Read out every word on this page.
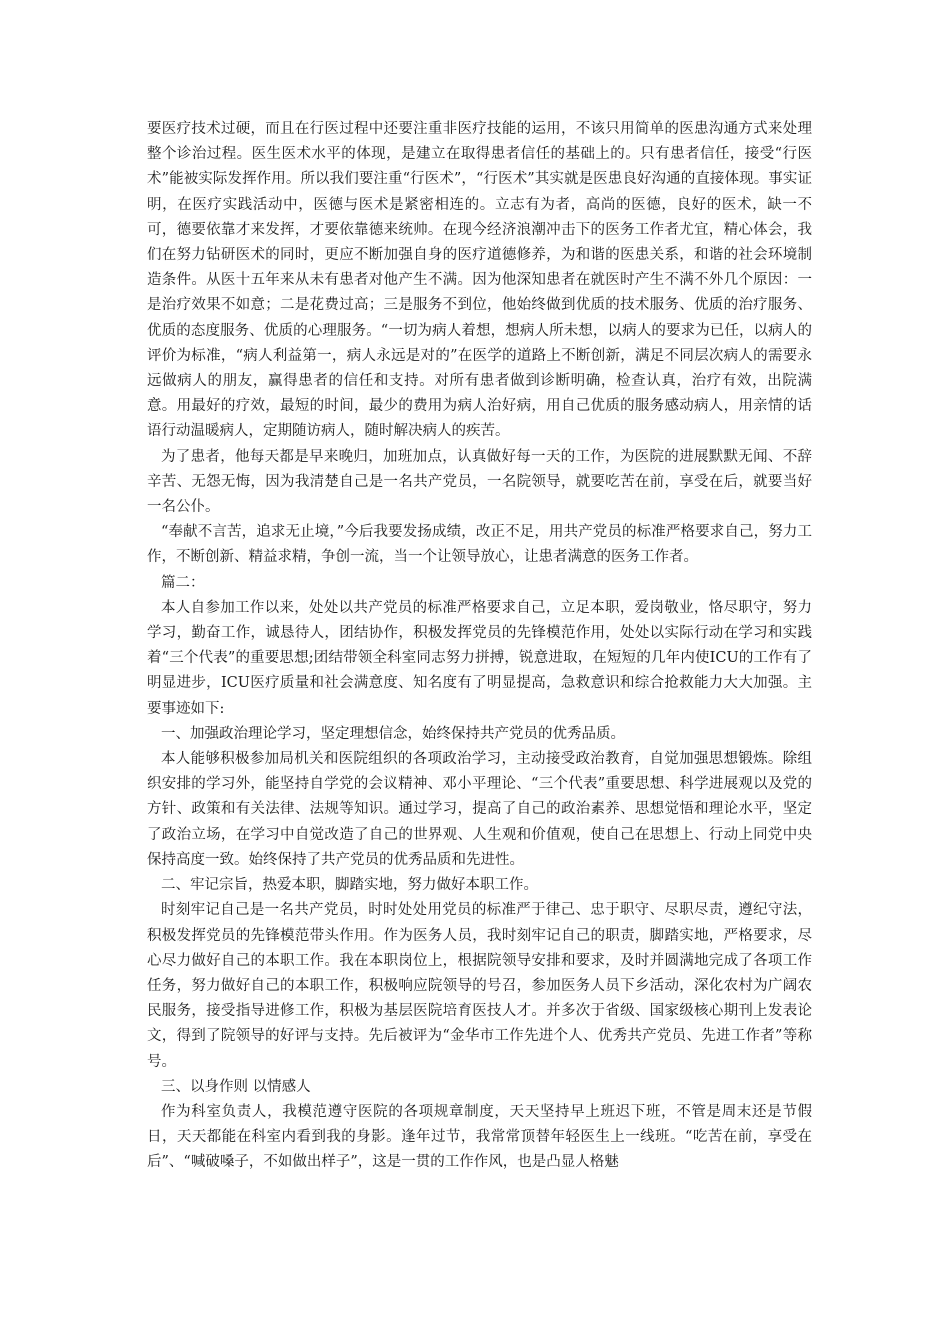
要医疗技术过硬，而且在行医过程中还要注重非医疗技能的运用，不该只用简单的医患沟通方式来处理整个诊治过程。医生医术水平的体现，是建立在取得患者信任的基础上的。只有患者信任，接受“行医术”能被实际发挥作用。所以我们要注重“行医术”，“行医术”其实就是医患良好沟通的直接体现。事实证明，在医疗实践活动中，医德与医术是紧密相连的。立志有为者，高尚的医德，良好的医术，缺一不可，德要依靠才来发挥，才要依靠德来统帅。在现今经济浪潮冲击下的医务工作者尤宜，精心体会，我们在努力钻研医术的同时，更应不断加强自身的医疗道德修养，为和谐的医患关系，和谐的社会环境制造条件。从医十五年来从未有患者对他产生不满。因为他深知患者在就医时产生不满不外几个原因：一是治疗效果不如意；二是花费过高；三是服务不到位，他始终做到优质的技术服务、优质的治疗服务、优质的态度服务、优质的心理服务。“一切为病人着想，想病人所未想，以病人的要求为已任，以病人的评价为标准，“病人利益第一，病人永远是对的”在医学的道路上不断创新，满足不同层次病人的需要永远做病人的朋友，赢得患者的信任和支持。对所有患者做到诊断明确，检查认真，治疗有效，出院满意。用最好的疗效，最短的时间，最少的费用为病人治好病，用自己优质的服务感动病人，用亲情的话语行动温暖病人，定期随访病人，随时解决病人的疾苦。

为了患者，他每天都是早来晚归，加班加点，认真做好每一天的工作，为医院的进展默默无闻、不辞辛苦、无怨无悔，因为我清楚自己是一名共产党员，一名院领导，就要吃苦在前，享受在后，就要当好一名公仆。

“奉献不言苦，追求无止境，”今后我要发扬成绩，改正不足，用共产党员的标准严格要求自己，努力工作，不断创新、精益求精，争创一流，当一个让领导放心，让患者满意的医务工作者。

篇二：

本人自参加工作以来，处处以共产党员的标准严格要求自己，立足本职，爱岗敬业，恪尽职守，努力学习，勤奋工作，诚恳待人，团结协作，积极发挥党员的先锋模范作用，处处以实际行动在学习和实践着“三个代表”的重要思想;团结带领全科室同志努力拼搏，锐意进取，在短短的几年内使ICU的工作有了明显进步，ICU医疗质量和社会满意度、知名度有了明显提高，急救意识和综合抢救能力大大加强。主要事迹如下:

一、加强政治理论学习，坚定理想信念，始终保持共产党员的优秀品质。

本人能够积极参加局机关和医院组织的各项政治学习，主动接受政治教育，自觉加强思想锻炼。除组织安排的学习外，能坚持自学党的会议精神、邓小平理论、“三个代表”重要思想、科学进展观以及党的方针、政策和有关法律、法规等知识。通过学习，提高了自己的政治素养、思想觉悟和理论水平，坚定了政治立场，在学习中自觉改造了自己的世界观、人生观和价值观，使自己在思想上、行动上同党中央保持高度一致。始终保持了共产党员的优秀品质和先进性。

二、牢记宗旨，热爱本职，脚踏实地，努力做好本职工作。

时刻牢记自己是一名共产党员，时时处处用党员的标准严于律己、忠于职守、尽职尽责，遵纪守法，积极发挥党员的先锋模范带头作用。作为医务人员，我时刻牢记自己的职责，脚踏实地，严格要求，尽心尽力做好自己的本职工作。我在本职岗位上，根据院领导安排和要求，及时并圆满地完成了各项工作任务，努力做好自己的本职工作，积极响应院领导的号召，参加医务人员下乡活动，深化农村为广阔农民服务，接受指导进修工作，积极为基层医院培育医技人才。并多次于省级、国家级核心期刊上发表论文，得到了院领导的好评与支持。先后被评为“金华市工作先进个人、优秀共产党员、先进工作者”等称号。

三、以身作则 以情感人

作为科室负责人，我模范遵守医院的各项规章制度，天天坚持早上班迟下班，不管是周末还是节假日，天天都能在科室内看到我的身影。逢年过节，我常常顶替年轻医生上一线班。“吃苦在前，享受在后”、“喊破嗓子，不如做出样子”，这是一贯的工作作风，也是凸显人格魅
